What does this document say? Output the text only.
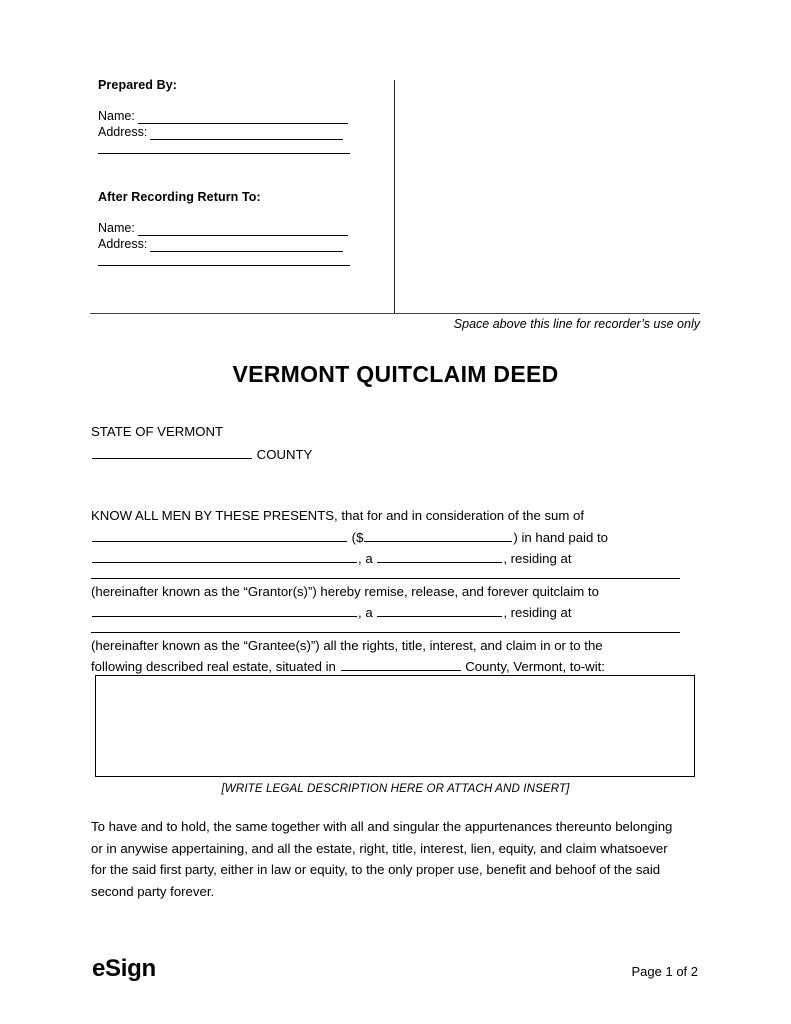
Prepared By:
Name:
Address:
After Recording Return To:
Name:
Address:
Space above this line for recorder’s use only
VERMONT QUITCLAIM DEED
STATE OF VERMONT
COUNTY
KNOW ALL MEN BY THESE PRESENTS, that for and in consideration of the sum of
($	) in hand paid to
, a	, residing at
(hereinafter known as the “Grantor(s)”) hereby remise, release, and forever quitclaim to
, a	, residing at
(hereinafter known as the “Grantee(s)”) all the rights, title, interest, and claim in or to the
following described real estate, situated in	County, Vermont, to-wit:
[WRITE LEGAL DESCRIPTION HERE OR ATTACH AND INSERT]
To have and to hold, the same together with all and singular the appurtenances thereunto belonging or in anywise appertaining, and all the estate, right, title, interest, lien, equity, and claim whatsoever for the said first party, either in law or equity, to the only proper use, benefit and behoof of the said second party forever.
eSign	Page 1 of 2
